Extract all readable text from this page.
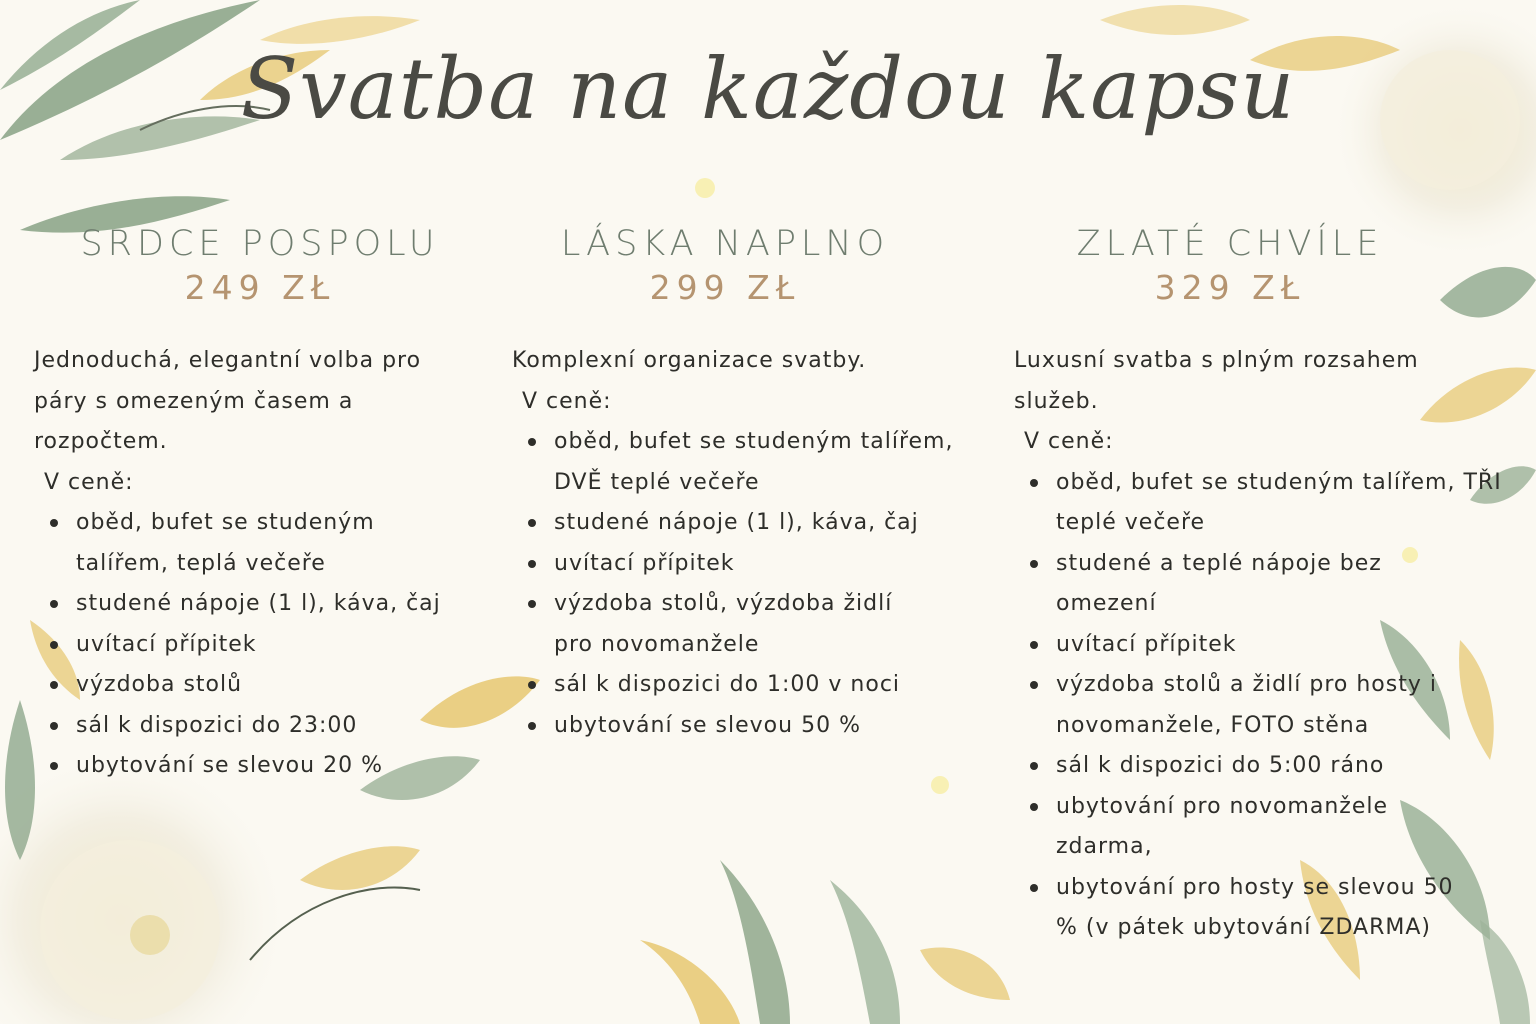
Svatba na každou kapsu
SRDCE POSPOLU
249 ZŁ

Jednoduchá, elegantní volba pro páry s omezeným časem a rozpočtem.

V ceně:

oběd, bufet se studeným talířem, teplá večeře
studené nápoje (1 l), káva, čaj
uvítací přípitek
výzdoba stolů
sál k dispozici do 23:00
ubytování se slevou 20 %
LÁSKA NAPLNO
299 ZŁ

Komplexní organizace svatby.

V ceně:

oběd, bufet se studeným talířem, DVĚ teplé večeře
studené nápoje (1 l), káva, čaj
uvítací přípitek
výzdoba stolů, výzdoba židlí pro novomanžele
sál k dispozici do 1:00 v noci
ubytování se slevou 50 %
ZLATÉ CHVÍLE
329 ZŁ

Luxusní svatba s plným rozsahem služeb.

V ceně:

oběd, bufet se studeným talířem, TŘI teplé večeře
studené a teplé nápoje bez omezení
uvítací přípitek
výzdoba stolů a židlí pro hosty i novomanžele, FOTO stěna
sál k dispozici do 5:00 ráno
ubytování pro novomanžele zdarma,
ubytování pro hosty se slevou 50 % (v pátek ubytování ZDARMA)
